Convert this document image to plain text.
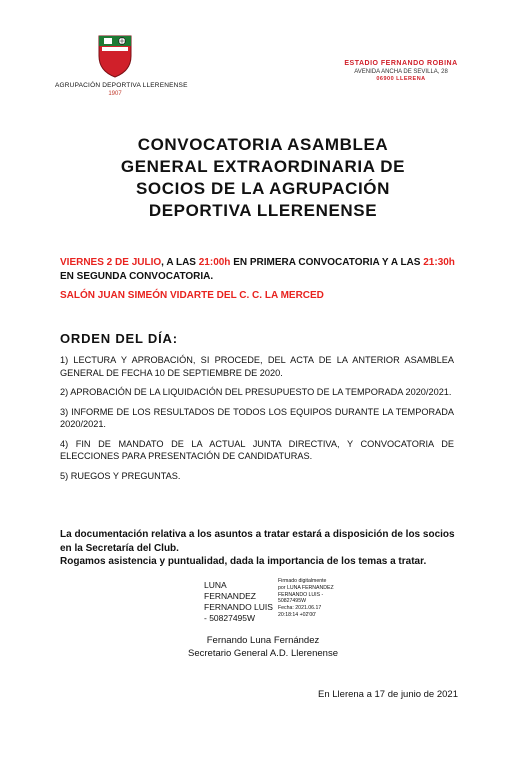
AGRUPACIÓN DEPORTIVA LLERENENSE
1907
ESTADIO FERNANDO ROBINA
AVENIDA ANCHA DE SEVILLA, 28
06900 LLERENA
CONVOCATORIA ASAMBLEA
GENERAL EXTRAORDINARIA DE
SOCIOS DE LA AGRUPACIÓN
DEPORTIVA LLERENENSE

VIERNES 2 DE JULIO, A LAS 21:00h EN PRIMERA CONVOCATORIA Y A LAS 21:30h EN SEGUNDA CONVOCATORIA.

SALÓN JUAN SIMEÓN VIDARTE DEL C. C. LA MERCED

ORDEN DEL DÍA:
1) LECTURA Y APROBACIÓN, SI PROCEDE, DEL ACTA DE LA ANTERIOR ASAMBLEA GENERAL DE FECHA 10 DE SEPTIEMBRE DE 2020.
2) APROBACIÓN DE LA LIQUIDACIÓN DEL PRESUPUESTO DE LA TEMPORADA 2020/2021.
3) INFORME DE LOS RESULTADOS DE TODOS LOS EQUIPOS DURANTE LA TEMPORADA 2020/2021.
4) FIN DE MANDATO DE LA ACTUAL JUNTA DIRECTIVA, Y CONVOCATORIA DE ELECCIONES PARA PRESENTACIÓN DE CANDIDATURAS.
5) RUEGOS Y PREGUNTAS.

La documentación relativa a los asuntos a tratar estará a disposición de los socios en la Secretaría del Club.
Rogamos asistencia y puntualidad, dada la importancia de los temas a tratar.

LUNA
FERNANDEZ
FERNANDO LUIS
- 50827495W
Firmado digitalmente
por LUNA FERNANDEZ
FERNANDO LUIS -
50827495W
Fecha: 2021.06.17
20:18:14 +02'00'
Fernando Luna Fernández
Secretario General A.D. Llerenense
En Llerena a 17 de junio de 2021
